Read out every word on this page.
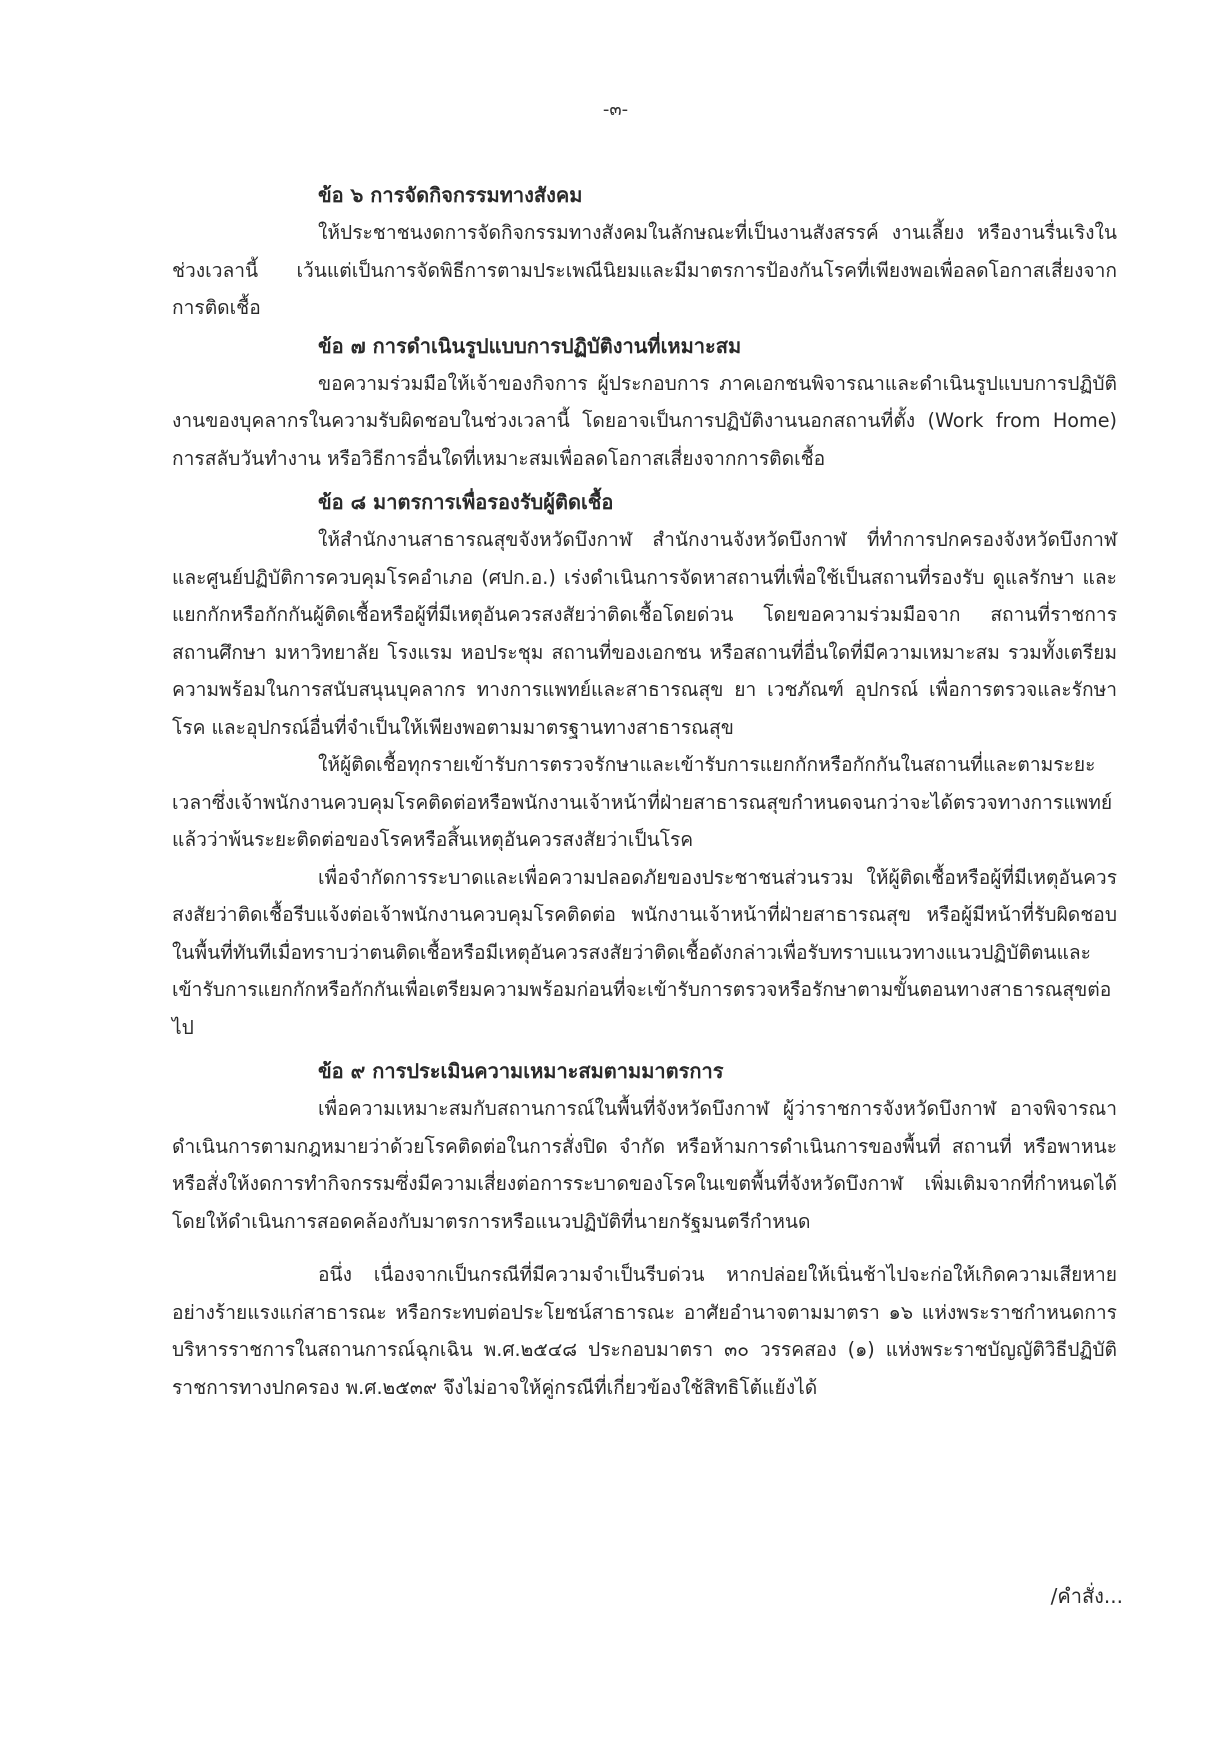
-๓-

ข้อ ๖ การจัดกิจกรรมทางสังคม

ให้ประชาชนงดการจัดกิจกรรมทางสังคมในลักษณะที่เป็นงานสังสรรค์ งานเลี้ยง หรืองานรื่นเริงในช่วงเวลานี้ เว้นแต่เป็นการจัดพิธีการตามประเพณีนิยมและมีมาตรการป้องกันโรคที่เพียงพอเพื่อลดโอกาสเสี่ยงจากการติดเชื้อ

ข้อ ๗ การดำเนินรูปแบบการปฏิบัติงานที่เหมาะสม

ขอความร่วมมือให้เจ้าของกิจการ ผู้ประกอบการ ภาคเอกชนพิจารณาและดำเนินรูปแบบการปฏิบัติงานของบุคลากรในความรับผิดชอบในช่วงเวลานี้ โดยอาจเป็นการปฏิบัติงานนอกสถานที่ตั้ง (Work from Home) การสลับวันทำงาน หรือวิธีการอื่นใดที่เหมาะสมเพื่อลดโอกาสเสี่ยงจากการติดเชื้อ

ข้อ ๘ มาตรการเพื่อรองรับผู้ติดเชื้อ

ให้สำนักงานสาธารณสุขจังหวัดบึงกาฬ สำนักงานจังหวัดบึงกาฬ ที่ทำการปกครองจังหวัดบึงกาฬ และศูนย์ปฏิบัติการควบคุมโรคอำเภอ (ศปก.อ.) เร่งดำเนินการจัดหาสถานที่เพื่อใช้เป็นสถานที่รองรับ ดูแลรักษา และแยกกักหรือกักกันผู้ติดเชื้อหรือผู้ที่มีเหตุอันควรสงสัยว่าติดเชื้อโดยด่วน โดยขอความร่วมมือจาก สถานที่ราชการ สถานศึกษา มหาวิทยาลัย โรงแรม หอประชุม สถานที่ของเอกชน หรือสถานที่อื่นใดที่มีความเหมาะสม รวมทั้งเตรียมความพร้อมในการสนับสนุนบุคลากร ทางการแพทย์และสาธารณสุข ยา เวชภัณฑ์ อุปกรณ์ เพื่อการตรวจและรักษาโรค และอุปกรณ์อื่นที่จำเป็นให้เพียงพอตามมาตรฐานทางสาธารณสุข

ให้ผู้ติดเชื้อทุกรายเข้ารับการตรวจรักษาและเข้ารับการแยกกักหรือกักกันในสถานที่และตามระยะเวลาซึ่งเจ้าพนักงานควบคุมโรคติดต่อหรือพนักงานเจ้าหน้าที่ฝ่ายสาธารณสุขกำหนดจนกว่าจะได้ตรวจทางการแพทย์แล้วว่าพ้นระยะติดต่อของโรคหรือสิ้นเหตุอันควรสงสัยว่าเป็นโรค

เพื่อจำกัดการระบาดและเพื่อความปลอดภัยของประชาชนส่วนรวม ให้ผู้ติดเชื้อหรือผู้ที่มีเหตุอันควรสงสัยว่าติดเชื้อรีบแจ้งต่อเจ้าพนักงานควบคุมโรคติดต่อ พนักงานเจ้าหน้าที่ฝ่ายสาธารณสุข หรือผู้มีหน้าที่รับผิดชอบในพื้นที่ทันทีเมื่อทราบว่าตนติดเชื้อหรือมีเหตุอันควรสงสัยว่าติดเชื้อดังกล่าวเพื่อรับทราบแนวทางแนวปฏิบัติตนและเข้ารับการแยกกักหรือกักกันเพื่อเตรียมความพร้อมก่อนที่จะเข้ารับการตรวจหรือรักษาตามขั้นตอนทางสาธารณสุขต่อไป

ข้อ ๙ การประเมินความเหมาะสมตามมาตรการ

เพื่อความเหมาะสมกับสถานการณ์ในพื้นที่จังหวัดบึงกาฬ ผู้ว่าราชการจังหวัดบึงกาฬ อาจพิจารณาดำเนินการตามกฎหมายว่าด้วยโรคติดต่อในการสั่งปิด จำกัด หรือห้ามการดำเนินการของพื้นที่ สถานที่ หรือพาหนะ หรือสั่งให้งดการทำกิจกรรมซึ่งมีความเสี่ยงต่อการระบาดของโรคในเขตพื้นที่จังหวัดบึงกาฬ เพิ่มเติมจากที่กำหนดได้ โดยให้ดำเนินการสอดคล้องกับมาตรการหรือแนวปฏิบัติที่นายกรัฐมนตรีกำหนด

อนึ่ง เนื่องจากเป็นกรณีที่มีความจำเป็นรีบด่วน หากปล่อยให้เนิ่นช้าไปจะก่อให้เกิดความเสียหายอย่างร้ายแรงแก่สาธารณะ หรือกระทบต่อประโยชน์สาธารณะ อาศัยอำนาจตามมาตรา ๑๖ แห่งพระราชกำหนดการบริหารราชการในสถานการณ์ฉุกเฉิน พ.ศ.๒๕๔๘ ประกอบมาตรา ๓๐ วรรคสอง (๑) แห่งพระราชบัญญัติวิธีปฏิบัติราชการทางปกครอง พ.ศ.๒๕๓๙ จึงไม่อาจให้คู่กรณีที่เกี่ยวข้องใช้สิทธิโต้แย้งได้

/คำสั่ง...
